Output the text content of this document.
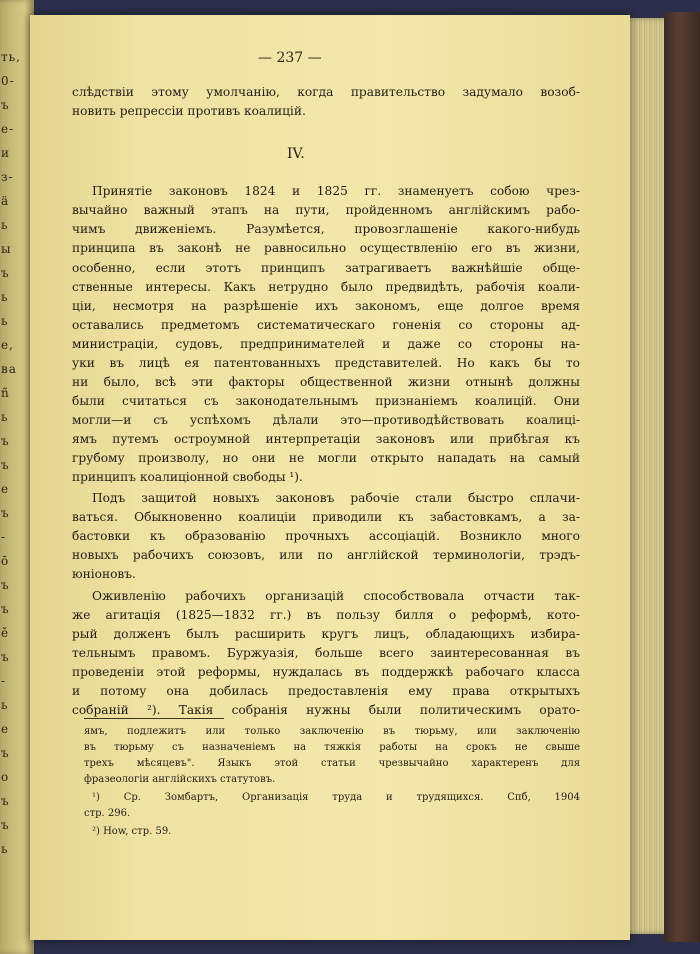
ть,
0-
ъ
е-
и
з-
ä
ь
ы
ъ
ь
ь
e,
вa
ñ
ь
ъ
ъ
e
ъ
-
ō
ъ
ъ
ě
ъ
-
ь
e
ъ
о
ъ
ъ
ь
— 237 —
IV.
слѣдствiи этому умолчанiю, когда правительство задумало возоб-
новить репрессiи противъ коалицiй.
Принятiе законовъ 1824 и 1825 гг. знаменуетъ собою чрез-
вычайно важный этапъ на пути, пройденномъ англiйскимъ рабо-
чимъ движенiемъ. Разумѣется, провозглашенiе какого-нибудь
принципа въ законѣ не равносильно осуществленiю его въ жизни,
особенно, если этотъ принципъ затрагиваетъ важнѣйшiе обще-
ственные интересы. Какъ нетрудно было предвидѣть, рабочiя коали-
цiи, несмотря на разрѣшенiе ихъ закономъ, еще долгое время
оставались предметомъ систематическаго гоненiя со стороны ад-
министрацiи, судовъ, предпринимателей и даже со стороны на-
уки въ лицѣ ея патентованныхъ представителей. Но какъ бы то
ни было, всѣ эти факторы общественной жизни отнынѣ должны
были считаться съ законодательнымъ признанiемъ коалицiй. Они
могли—и съ успѣхомъ дѣлали это—противодѣйствовать коалицi-
ямъ путемъ остроумной интерпретацiи законовъ или прибѣгая къ
грубому произволу, но они не могли открыто нападать на самый
принципъ коалицiонной свободы ¹).
Подъ защитой новыхъ законовъ рабочiе стали быстро сплачи-
ваться. Обыкновенно коалицiи приводили къ забастовкамъ, а за-
бастовки къ образованiю прочныхъ ассоцiацiй. Возникло много
новыхъ рабочихъ союзовъ, или по англiйской терминологiи, трэдъ-
юнiоновъ.
Оживленiю рабочихъ организацiй способствовала отчасти так-
же агитацiя (1825—1832 гг.) въ пользу билля о реформѣ, кото-
рый долженъ былъ расширить кругъ лицъ, обладающихъ избира-
тельнымъ правомъ. Буржуазiя, больше всего заинтересованная въ
проведенiи этой реформы, нуждалась въ поддержкѣ рабочаго класса
и потому она добилась предоставленiя ему права открытыхъ
собранiй ²). Такiя собранiя нужны были политическимъ орато-
ямъ, подлежитъ или только заключенiю въ тюрьму, или заключенiю
въ тюрьму съ назначенiемъ на тяжкiя работы на срокъ не свыше
трехъ мѣсяцевъ". Языкъ этой статьи чрезвычайно характеренъ для
фразеологiи англiйскихъ статутовъ.
¹) Ср. Зомбартъ, Организацiя труда и трудящихся. Спб, 1904
стр. 296.
²) How, стр. 59.
